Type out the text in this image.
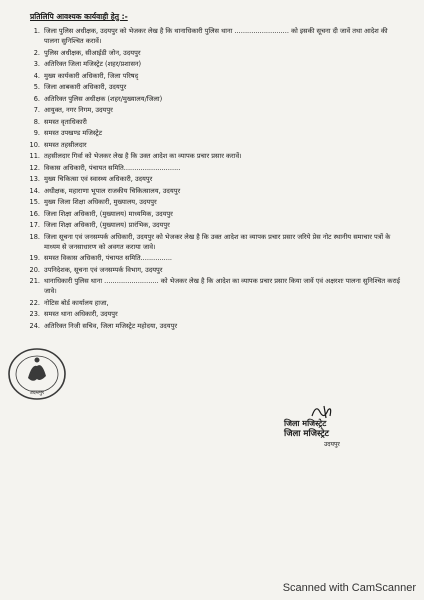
प्रतिलिपि आवश्यक कार्यवाही हेतु :-
1. जिला पुलिस अधीक्षक, उदयपुर को भेजकर लेख है कि थानाधिकारी पुलिस थाना .......................... को इसकी सूचना दी जावें तथा आदेश की पालना सुनिश्चित करावें।
2. पुलिस अधीक्षक, सीआईडी जोन, उदयपुर
3. अतिरिक्त जिला मजिस्ट्रेट (शहर/प्रशासन)
4. मुख्य कार्यकारी अधिकारी, जिला परिषद्
5. जिला आबकारी अधिकारी, उदयपुर
6. अतिरिक्त पुलिस अधीक्षक (शहर/मुख्यालय/जिला)
7. आयुक्त, नगर निगम, उदयपुर
8. समस्त वृताधिकारी
9. समस्त उपखण्ड मजिस्ट्रेट
10. समस्त तहसीलदार
11. तहसीलदार गिर्वा को भेजकर लेख है कि उक्त आदेश का व्यापक प्रचार प्रसार करावें।
12. विकास अधिकारी, पंचायत समिति...........................
13. मुख्य चिकित्सा एवं स्वास्थ्य अधिकारी, उदयपुर
14. अधीक्षक, महाराणा भूपाल राजकीय चिकित्सालय, उदयपुर
15. मुख्य जिला शिक्षा अधिकारी, मुख्यालय, उदयपुर
16. जिला शिक्षा अधिकारी, (मुख्यालय) माध्यमिक, उदयपुर
17. जिला शिक्षा अधिकारी, (मुख्यालय) प्रारंभिक, उदयपुर
18. जिला सूचना एवं जनसम्पर्क अधिकारी, उदयपुर को भेजकर लेख है कि उक्त आदेश का व्यापक प्रचार प्रसार जरिये प्रेस नोट स्थानीय समाचार पत्रों के माध्यम से जनसाधारण को अवगत कराया जावे।
19. समस्त विकास अधिकारी, पंचायत समिति...............
20. उपनिदेशक, सूचना एवं जनसम्पर्क विभाग, उदयपुर
21. थानाधिकारी पुलिस थाना .......................... को भेजकर लेख है कि आदेश का व्यापक प्रचार प्रसार किया जावें एवं अक्षरशः पालना सुनिश्चित कराई जावे।
22. नोटिस बोर्ड कार्यालय हाजा,
23. समस्त थाना अधिकारी, उदयपुर
24. अतिरिक्त निजी सचिव, जिला मजिस्ट्रेट महोदया, उदयपुर
उदयपुर
जिला मजिस्ट्रेट
जिला मजिस्ट्रेट
उदयपुर
Scanned with CamScanner
